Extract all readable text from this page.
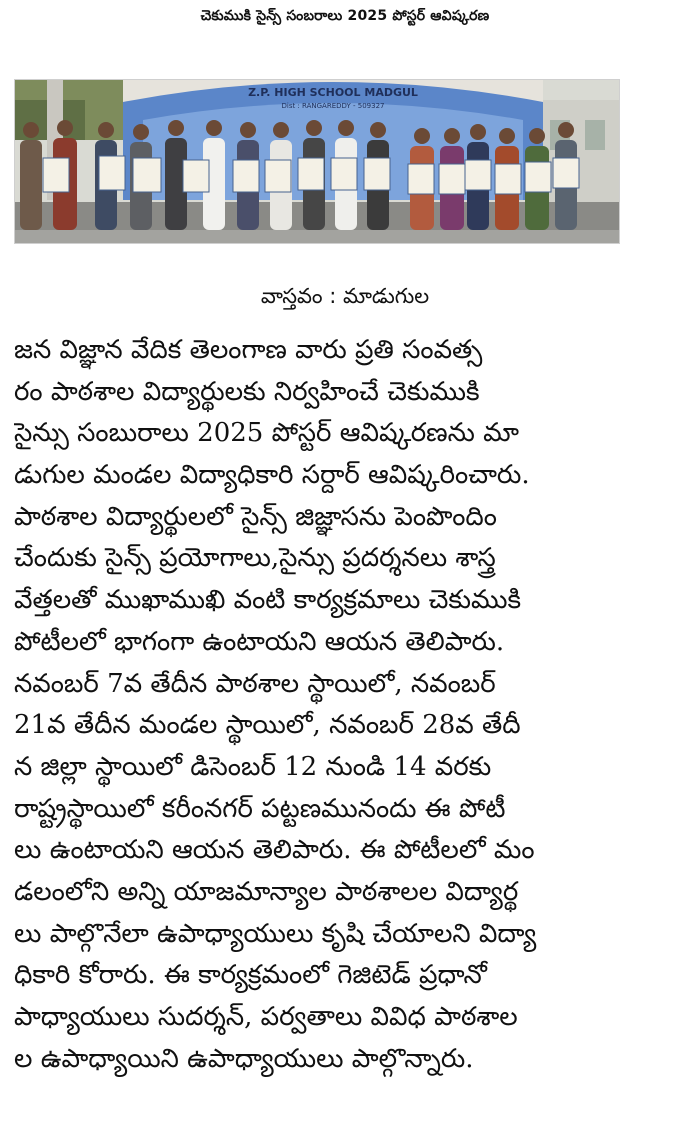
చెకుముకి సైన్స్ సంబరాలు 2025 పోస్టర్ ఆవిష్కరణ
Z.P. HIGH SCHOOL MADGUL
Dist : RANGAREDDY - 509327
వాస్తవం : మాడుగుల
జన విజ్ఞాన వేదిక తెలంగాణ వారు ప్రతి సంవత్స
రం పాఠశాల విద్యార్థులకు నిర్వహించే చెకుముకి
సైన్సు సంబురాలు 2025 పోస్టర్ ఆవిష్కరణను మా
డుగుల మండల విద్యాధికారి సర్దార్ ఆవిష్కరించారు.
పాఠశాల విద్యార్థులలో సైన్స్ జిజ్ఞాసను పెంపొందిం
చేందుకు సైన్స్ ప్రయోగాలు,సైన్సు ప్రదర్శనలు శాస్త్ర
వేత్తలతో ముఖాముఖి వంటి కార్యక్రమాలు చెకుముకి
పోటీలలో భాగంగా ఉంటాయని ఆయన తెలిపారు.
నవంబర్ 7వ తేదీన పాఠశాల స్థాయిలో, నవంబర్
21వ తేదీన మండల స్థాయిలో, నవంబర్ 28వ తేదీ
న జిల్లా స్థాయిలో డిసెంబర్ 12 నుండి 14 వరకు
రాష్ట్రస్థాయిలో కరీంనగర్ పట్టణమునందు ఈ పోటీ
లు ఉంటాయని ఆయన తెలిపారు. ఈ పోటీలలో మం
డలంలోని అన్ని యాజమాన్యాల పాఠశాలల విద్యార్థ
లు పాల్గొనేలా ఉపాధ్యాయులు కృషి చేయాలని విద్యా
ధికారి కోరారు. ఈ కార్యక్రమంలో గెజిటెడ్ ప్రధానో
పాధ్యాయులు సుదర్శన్, పర్వతాలు వివిధ పాఠశాల
ల ఉపాధ్యాయిని ఉపాధ్యాయులు పాల్గొన్నారు.
